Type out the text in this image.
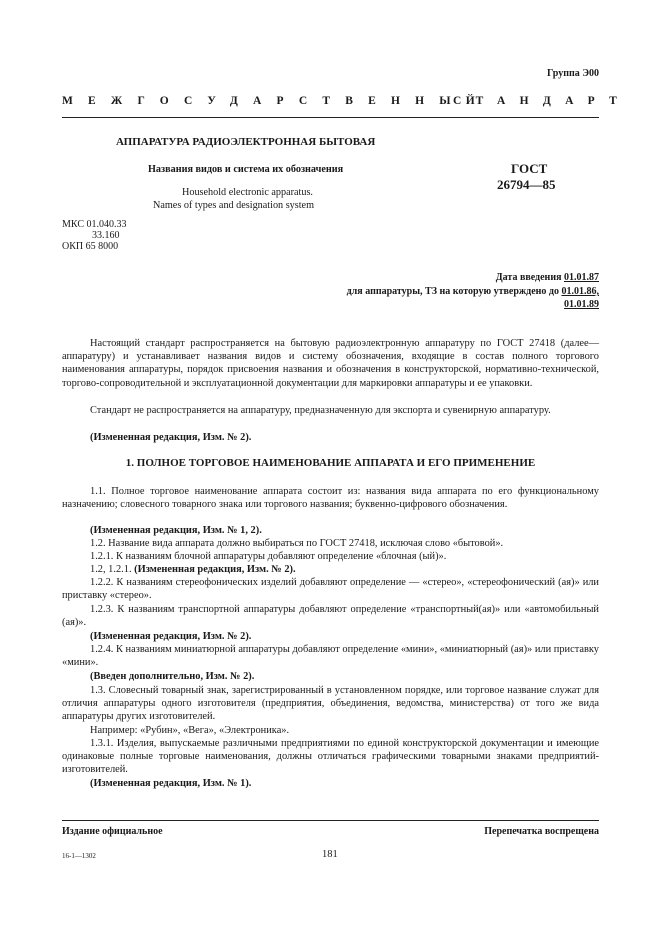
Группа Э00
МЕЖГОСУДАРСТВЕННЫЙ
СТАНДАРТ
АППАРАТУРА РАДИОЭЛЕКТРОННАЯ БЫТОВАЯ
Названия видов и система их обозначения
Household electronic apparatus.
Names of types and designation system
ГОСТ
26794—85
МКС 01.040.33
33.160
ОКП 65 8000
Дата введения 01.01.87
для аппаратуры, ТЗ на которую утверждено до 01.01.86,
01.01.89
Настоящий стандарт распространяется на бытовую радиоэлектронную аппаратуру по ГОСТ 27418 (далее—аппаратуру) и устанавливает названия видов и систему обозначения, входящие в состав полного торгового наименования аппаратуры, порядок присвоения названия и обозначения в конструкторской, нормативно-технической, торгово-сопроводительной и эксплуатационной документации для маркировки аппаратуры и ее упаковки.
Стандарт не распространяется на аппаратуру, предназначенную для экспорта и сувенирную аппаратуру.
(Измененная редакция, Изм. № 2).
1. ПОЛНОЕ ТОРГОВОЕ НАИМЕНОВАНИЕ АППАРАТА И ЕГО ПРИМЕНЕНИЕ
1.1. Полное торговое наименование аппарата состоит из: названия вида аппарата по его функциональному назначению; словесного товарного знака или торгового названия; буквенно-цифрового обозначения.
(Измененная редакция, Изм. № 1, 2).
1.2. Название вида аппарата должно выбираться по ГОСТ 27418, исключая слово «бытовой».
1.2.1. К названиям блочной аппаратуры добавляют определение «блочная (ый)».
1.2, 1.2.1. (Измененная редакция, Изм. № 2).
1.2.2. К названиям стереофонических изделий добавляют определение — «стерео», «стереофонический (ая)» или приставку «стерео».
1.2.3. К названиям транспортной аппаратуры добавляют определение «транспортный(ая)» или «автомобильный (ая)».
(Измененная редакция, Изм. № 2).
1.2.4. К названиям миниатюрной аппаратуры добавляют определение «мини», «миниатюрный (ая)» или приставку «мини».
(Введен дополнительно, Изм. № 2).
1.3. Словесный товарный знак, зарегистрированный в установленном порядке, или торговое название служат для отличия аппаратуры одного изготовителя (предприятия, объединения, ведомства, министерства) от того же вида аппаратуры других изготовителей.
Например: «Рубин», «Вега», «Электроника».
1.3.1. Изделия, выпускаемые различными предприятиями по единой конструкторской документации и имеющие одинаковые полные торговые наименования, должны отличаться графическими товарными знаками предприятий-изготовителей.
(Измененная редакция, Изм. № 1).
Издание официальное	Перепечатка воспрещена
16-1—1302	181
